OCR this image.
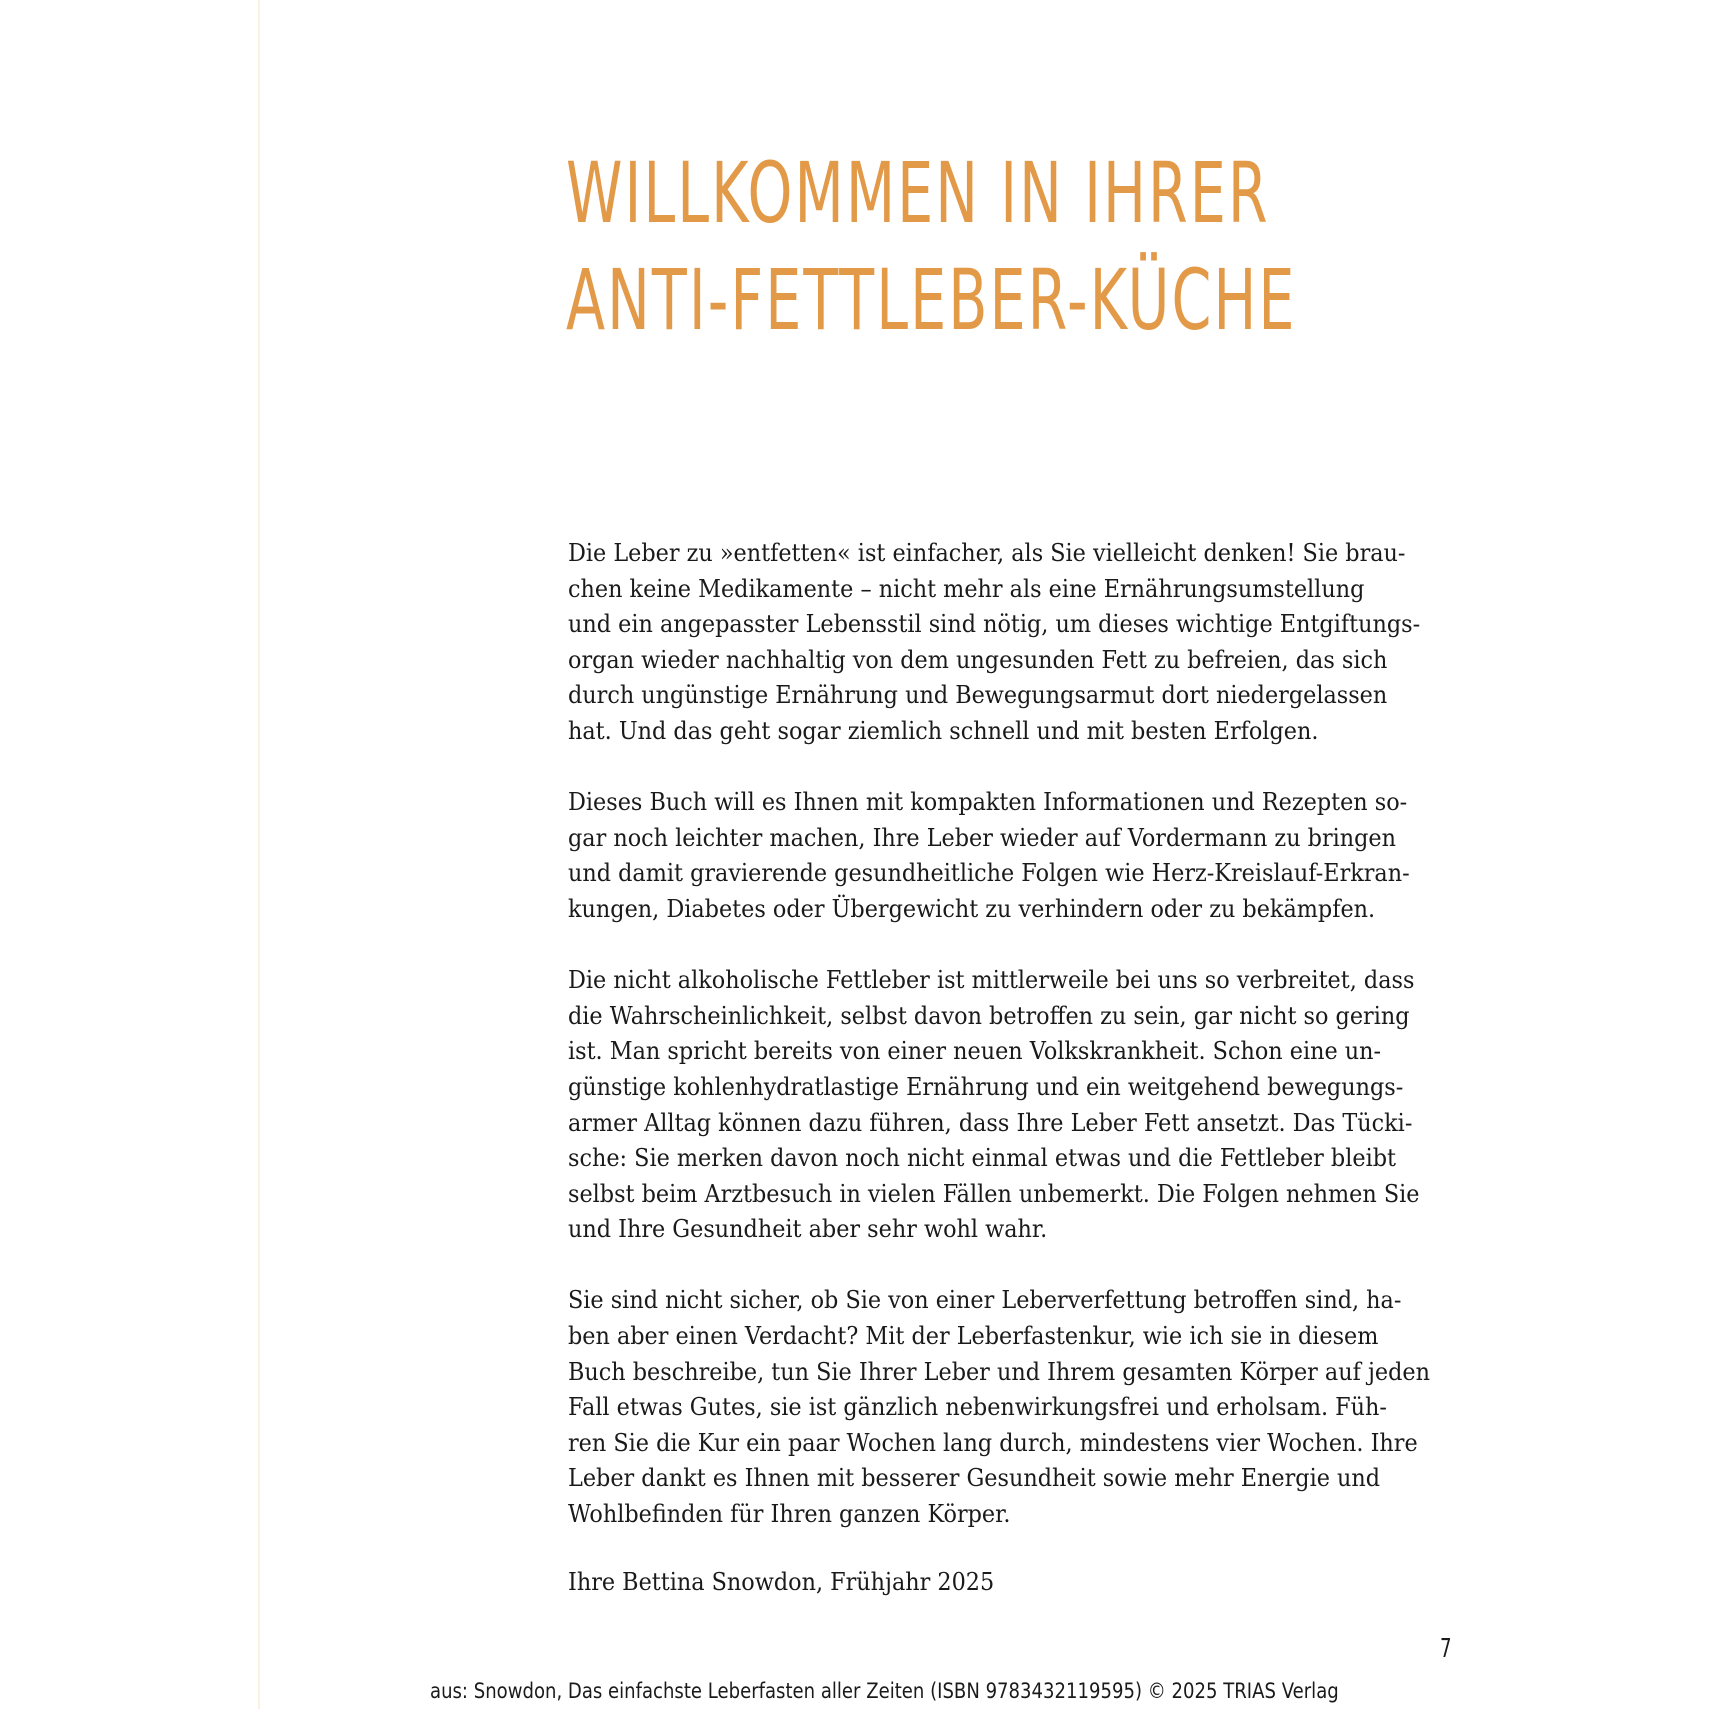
WILLKOMMEN IN IHRER
ANTI-FETTLEBER-KÜCHE

Die Leber zu »entfetten« ist einfacher, als Sie vielleicht denken! Sie brau-
chen keine Medikamente – nicht mehr als eine Ernährungsumstellung
und ein angepasster Lebensstil sind nötig, um dieses wichtige Entgiftungs-
organ wieder nachhaltig von dem ungesunden Fett zu befreien, das sich
durch ungünstige Ernährung und Bewegungsarmut dort niedergelassen
hat. Und das geht sogar ziemlich schnell und mit besten Erfolgen.

Dieses Buch will es Ihnen mit kompakten Informationen und Rezepten so-
gar noch leichter machen, Ihre Leber wieder auf Vordermann zu bringen
und damit gravierende gesundheitliche Folgen wie Herz-Kreislauf-Erkran-
kungen, Diabetes oder Übergewicht zu verhindern oder zu bekämpfen.

Die nicht alkoholische Fettleber ist mittlerweile bei uns so verbreitet, dass
die Wahrscheinlichkeit, selbst davon betroffen zu sein, gar nicht so gering
ist. Man spricht bereits von einer neuen Volkskrankheit. Schon eine un-
günstige kohlenhydratlastige Ernährung und ein weitgehend bewegungs-
armer Alltag können dazu führen, dass Ihre Leber Fett ansetzt. Das Tücki-
sche: Sie merken davon noch nicht einmal etwas und die Fettleber bleibt
selbst beim Arztbesuch in vielen Fällen unbemerkt. Die Folgen nehmen Sie
und Ihre Gesundheit aber sehr wohl wahr.

Sie sind nicht sicher, ob Sie von einer Leberverfettung betroffen sind, ha-
ben aber einen Verdacht? Mit der Leberfastenkur, wie ich sie in diesem
Buch beschreibe, tun Sie Ihrer Leber und Ihrem gesamten Körper auf jeden
Fall etwas Gutes, sie ist gänzlich nebenwirkungsfrei und erholsam. Füh-
ren Sie die Kur ein paar Wochen lang durch, mindestens vier Wochen. Ihre
Leber dankt es Ihnen mit besserer Gesundheit sowie mehr Energie und
Wohlbefinden für Ihren ganzen Körper.

Ihre Bettina Snowdon, Frühjahr 2025
7
aus: Snowdon, Das einfachste Leberfasten aller Zeiten (ISBN 9783432119595) © 2025 TRIAS Verlag
